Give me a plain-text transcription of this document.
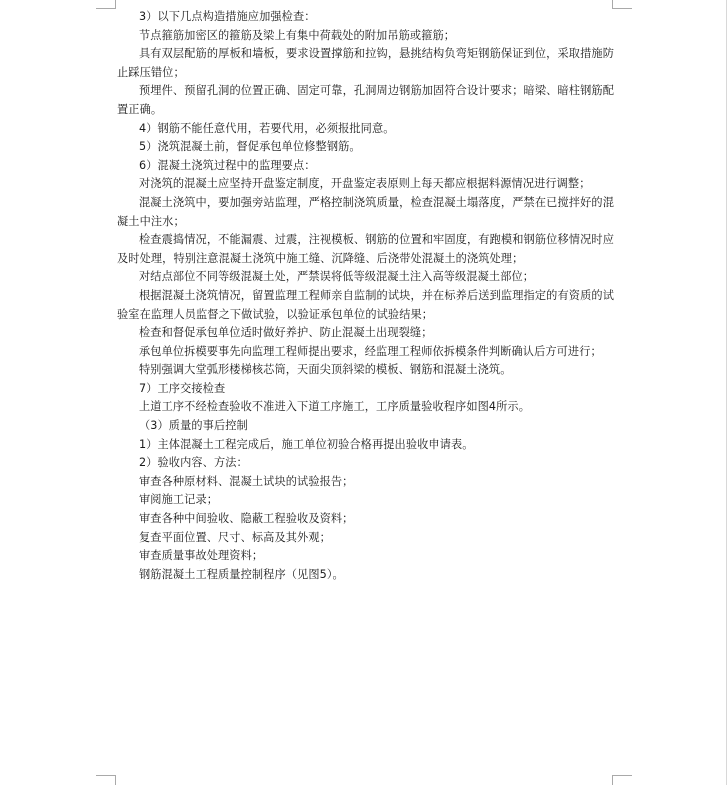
3）以下几点构造措施应加强检查：

节点箍筋加密区的箍筋及梁上有集中荷载处的附加吊筋或箍筋；

具有双层配筋的厚板和墙板，要求设置撑筋和拉钩，悬挑结构负弯矩钢筋保证到位，采取措施防止踩压错位；

预埋件、预留孔洞的位置正确、固定可靠，孔洞周边钢筋加固符合设计要求；暗梁、暗柱钢筋配置正确。

4）钢筋不能任意代用，若要代用，必须报批同意。

5）浇筑混凝土前，督促承包单位修整钢筋。

6）混凝土浇筑过程中的监理要点：

对浇筑的混凝土应坚持开盘鉴定制度，开盘鉴定表原则上每天都应根据料源情况进行调整；

混凝土浇筑中，要加强旁站监理，严格控制浇筑质量，检查混凝土塌落度，严禁在已搅拌好的混凝土中注水；

检查震捣情况，不能漏震、过震，注视模板、钢筋的位置和牢固度，有跑模和钢筋位移情况时应及时处理，特别注意混凝土浇筑中施工缝、沉降缝、后浇带处混凝土的浇筑处理；

对结点部位不同等级混凝土处，严禁误将低等级混凝土注入高等级混凝土部位；

根据混凝土浇筑情况，留置监理工程师亲自监制的试块，并在标养后送到监理指定的有资质的试验室在监理人员监督之下做试验，以验证承包单位的试验结果；

检查和督促承包单位适时做好养护、防止混凝土出现裂缝；

承包单位拆模要事先向监理工程师提出要求，经监理工程师依拆模条件判断确认后方可进行；

特别强调大堂弧形楼梯核芯筒，天面尖顶斜梁的模板、钢筋和混凝土浇筑。

7）工序交接检查

上道工序不经检查验收不准进入下道工序施工，工序质量验收程序如图4所示。

（3）质量的事后控制

1）主体混凝土工程完成后，施工单位初验合格再提出验收申请表。

2）验收内容、方法：

审查各种原材料、混凝土试块的试验报告；

审阅施工记录；

审查各种中间验收、隐蔽工程验收及资料；

复查平面位置、尺寸、标高及其外观；

审查质量事故处理资料；

钢筋混凝土工程质量控制程序（见图5）。
